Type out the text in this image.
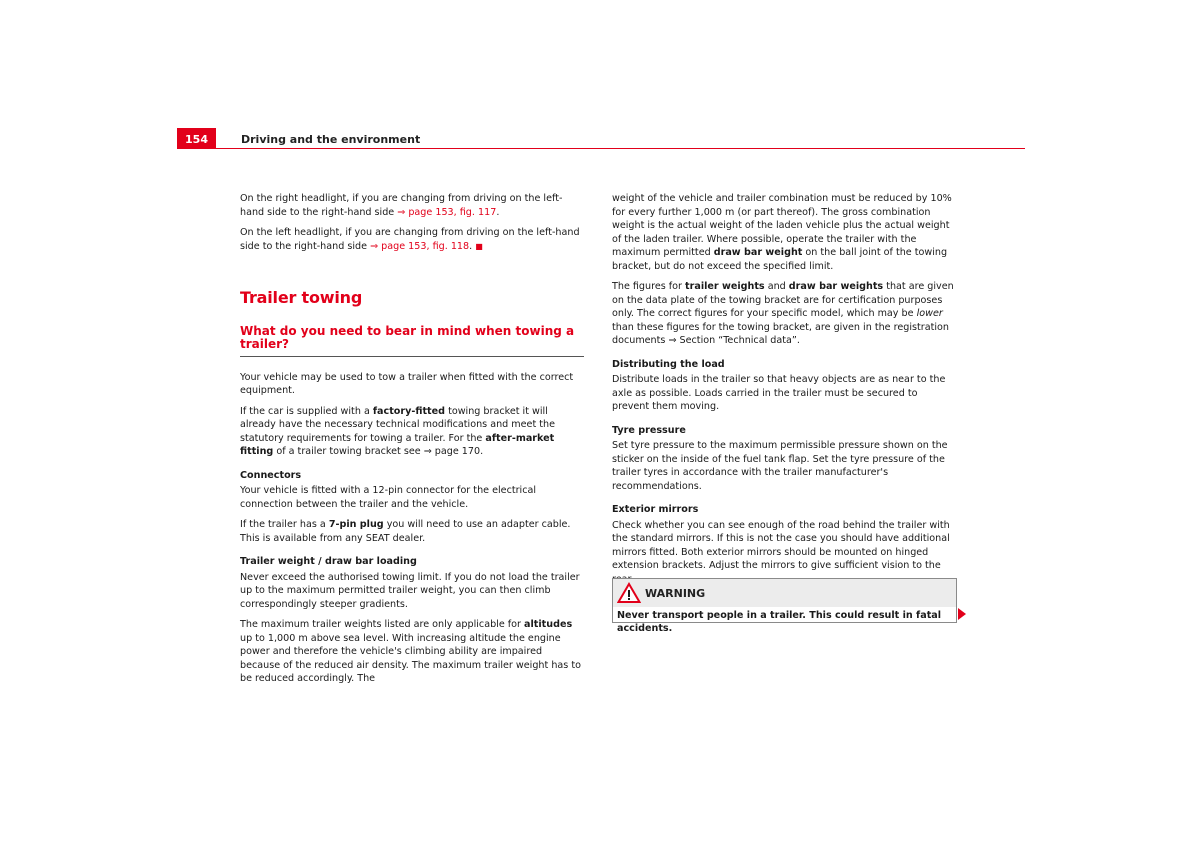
154	Driving and the environment

On the right headlight, if you are changing from driving on the left-hand side to the right-hand side ⇒ page 153, fig. 117.

On the left headlight, if you are changing from driving on the left-hand side to the right-hand side ⇒ page 153, fig. 118. ■

Trailer towing
What do you need to bear in mind when towing a trailer?

Your vehicle may be used to tow a trailer when fitted with the correct equipment.

If the car is supplied with a factory-fitted towing bracket it will already have the necessary technical modifications and meet the statutory requirements for towing a trailer. For the after-market fitting of a trailer towing bracket see ⇒ page 170.

Connectors

Your vehicle is fitted with a 12-pin connector for the electrical connection between the trailer and the vehicle.

If the trailer has a 7-pin plug you will need to use an adapter cable. This is available from any SEAT dealer.

Trailer weight / draw bar loading

Never exceed the authorised towing limit. If you do not load the trailer up to the maximum permitted trailer weight, you can then climb correspondingly steeper gradients.

The maximum trailer weights listed are only applicable for altitudes up to 1,000 m above sea level. With increasing altitude the engine power and therefore the vehicle's climbing ability are impaired because of the reduced air density. The maximum trailer weight has to be reduced accordingly. The

weight of the vehicle and trailer combination must be reduced by 10% for every further 1,000 m (or part thereof). The gross combination weight is the actual weight of the laden vehicle plus the actual weight of the laden trailer. Where possible, operate the trailer with the maximum permitted draw bar weight on the ball joint of the towing bracket, but do not exceed the specified limit.

The figures for trailer weights and draw bar weights that are given on the data plate of the towing bracket are for certification purposes only. The correct figures for your specific model, which may be lower than these figures for the towing bracket, are given in the registration documents ⇒ Section “Technical data”.

Distributing the load

Distribute loads in the trailer so that heavy objects are as near to the axle as possible. Loads carried in the trailer must be secured to prevent them moving.

Tyre pressure

Set tyre pressure to the maximum permissible pressure shown on the sticker on the inside of the fuel tank flap. Set the tyre pressure of the trailer tyres in accordance with the trailer manufacturer's recommendations.

Exterior mirrors

Check whether you can see enough of the road behind the trailer with the standard mirrors. If this is not the case you should have additional mirrors fitted. Both exterior mirrors should be mounted on hinged extension brackets. Adjust the mirrors to give sufficient vision to the

WARNING
Never transport people in a trailer. This could result in fatal accidents.
